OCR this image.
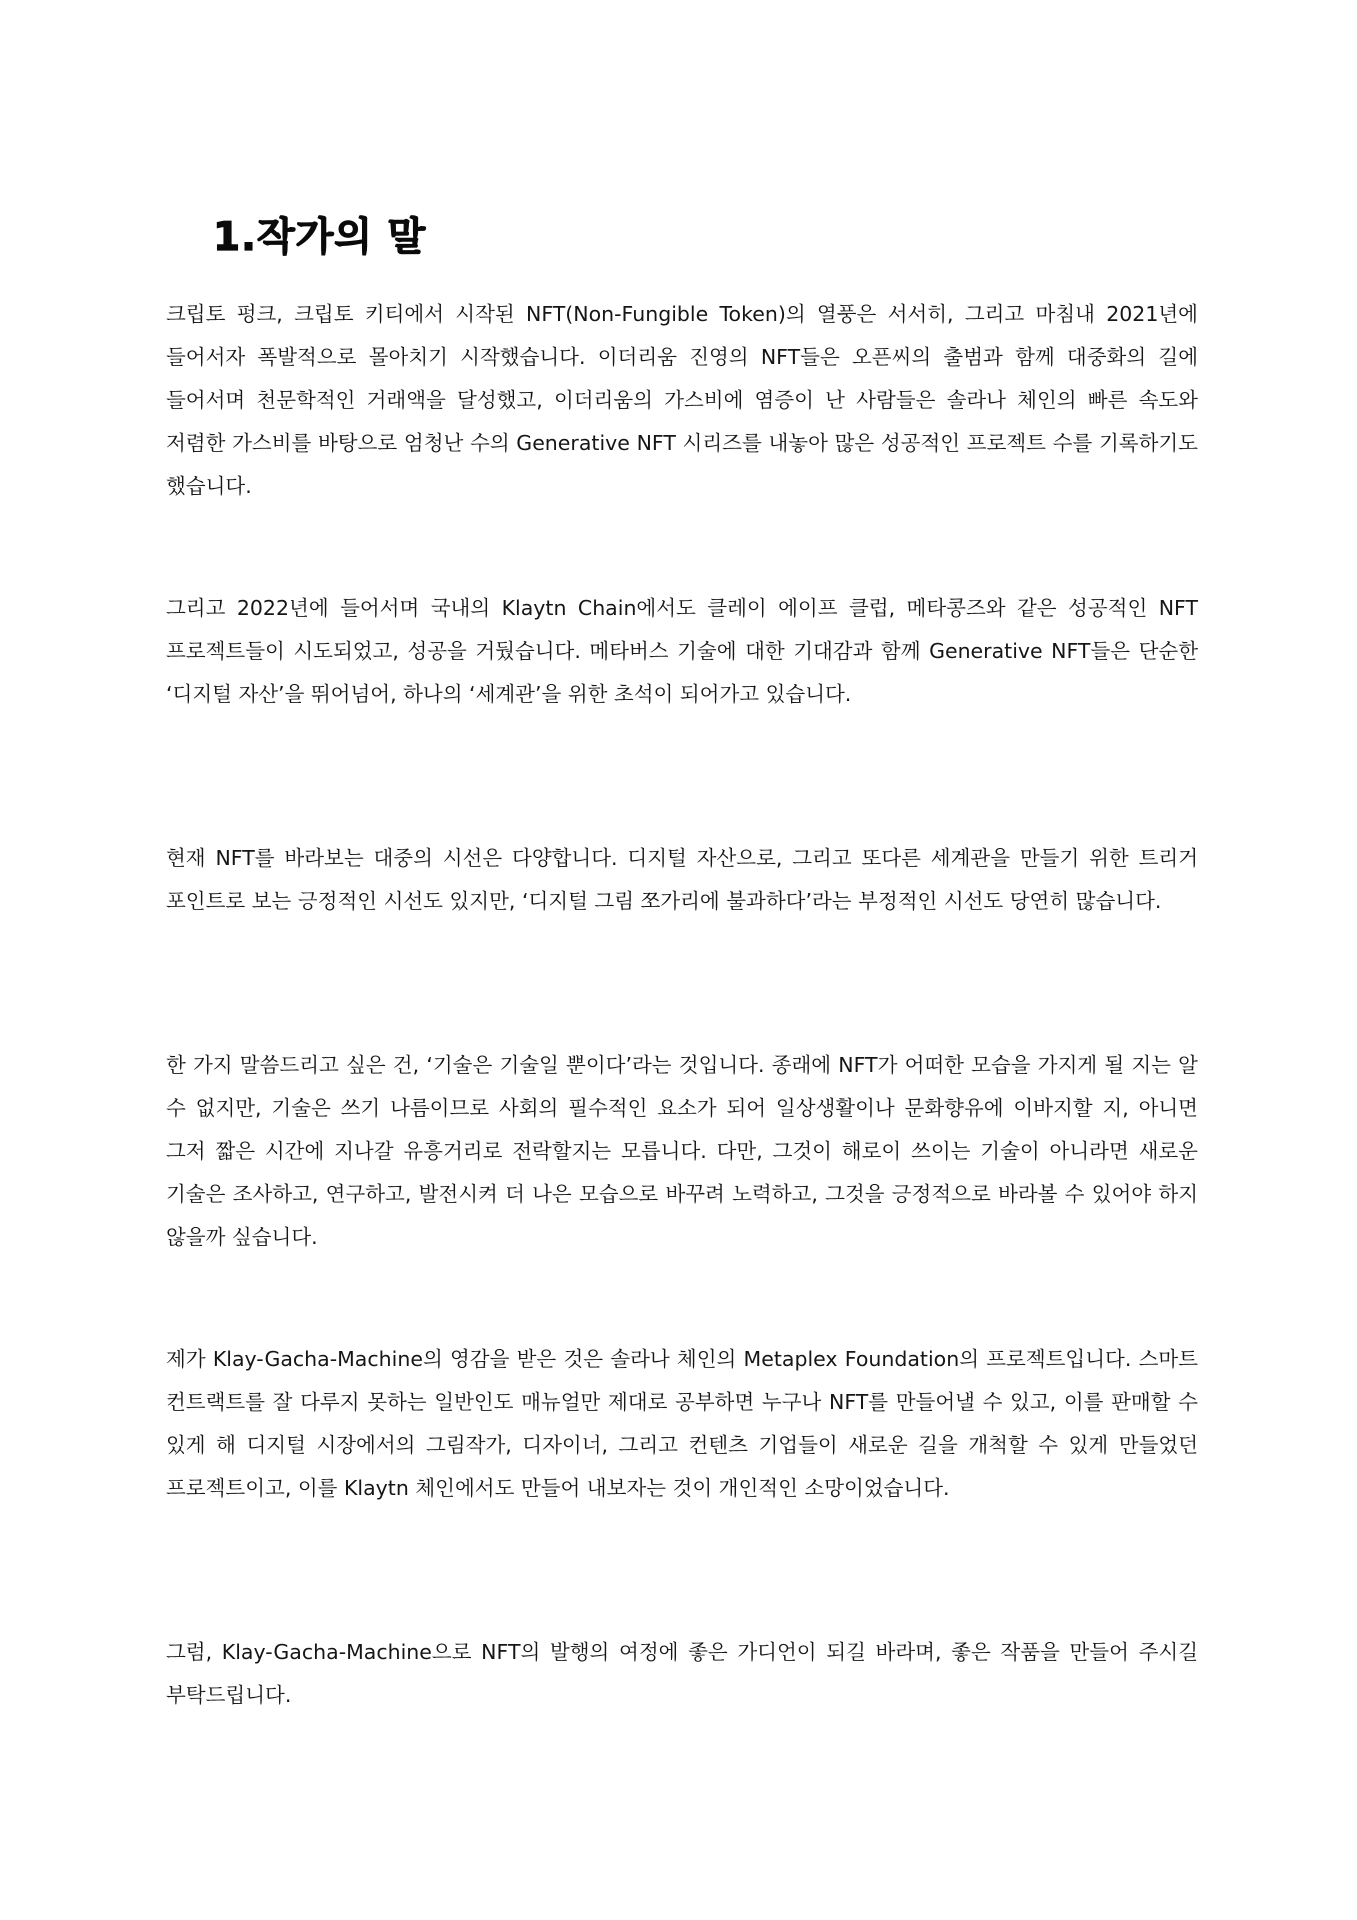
1.작가의 말

크립토 펑크, 크립토 키티에서 시작된 NFT(Non-Fungible Token)의 열풍은 서서히, 그리고 마침내 2021년에 들어서자 폭발적으로 몰아치기 시작했습니다. 이더리움 진영의 NFT들은 오픈씨의 출범과 함께 대중화의 길에 들어서며 천문학적인 거래액을 달성했고, 이더리움의 가스비에 염증이 난 사람들은 솔라나 체인의 빠른 속도와 저렴한 가스비를 바탕으로 엄청난 수의 Generative NFT 시리즈를 내놓아 많은 성공적인 프로젝트 수를 기록하기도 했습니다.

그리고 2022년에 들어서며 국내의 Klaytn Chain에서도 클레이 에이프 클럽, 메타콩즈와 같은 성공적인 NFT 프로젝트들이 시도되었고, 성공을 거뒀습니다. 메타버스 기술에 대한 기대감과 함께 Generative NFT들은 단순한 ‘디지털 자산’을 뛰어넘어, 하나의 ‘세계관’을 위한 초석이 되어가고 있습니다.

현재 NFT를 바라보는 대중의 시선은 다양합니다. 디지털 자산으로, 그리고 또다른 세계관을 만들기 위한 트리거 포인트로 보는 긍정적인 시선도 있지만, ‘디지털 그림 쪼가리에 불과하다’라는 부정적인 시선도 당연히 많습니다.

한 가지 말씀드리고 싶은 건, ‘기술은 기술일 뿐이다’라는 것입니다. 종래에 NFT가 어떠한 모습을 가지게 될 지는 알 수 없지만, 기술은 쓰기 나름이므로 사회의 필수적인 요소가 되어 일상생활이나 문화향유에 이바지할 지, 아니면 그저 짧은 시간에 지나갈 유흥거리로 전락할지는 모릅니다. 다만, 그것이 해로이 쓰이는 기술이 아니라면 새로운 기술은 조사하고, 연구하고, 발전시켜 더 나은 모습으로 바꾸려 노력하고, 그것을 긍정적으로 바라볼 수 있어야 하지 않을까 싶습니다.

제가 Klay-Gacha-Machine의 영감을 받은 것은 솔라나 체인의 Metaplex Foundation의 프로젝트입니다. 스마트 컨트랙트를 잘 다루지 못하는 일반인도 매뉴얼만 제대로 공부하면 누구나 NFT를 만들어낼 수 있고, 이를 판매할 수 있게 해 디지털 시장에서의 그림작가, 디자이너, 그리고 컨텐츠 기업들이 새로운 길을 개척할 수 있게 만들었던 프로젝트이고, 이를 Klaytn 체인에서도 만들어 내보자는 것이 개인적인 소망이었습니다.

그럼, Klay-Gacha-Machine으로 NFT의 발행의 여정에 좋은 가디언이 되길 바라며, 좋은 작품을 만들어 주시길 부탁드립니다.
